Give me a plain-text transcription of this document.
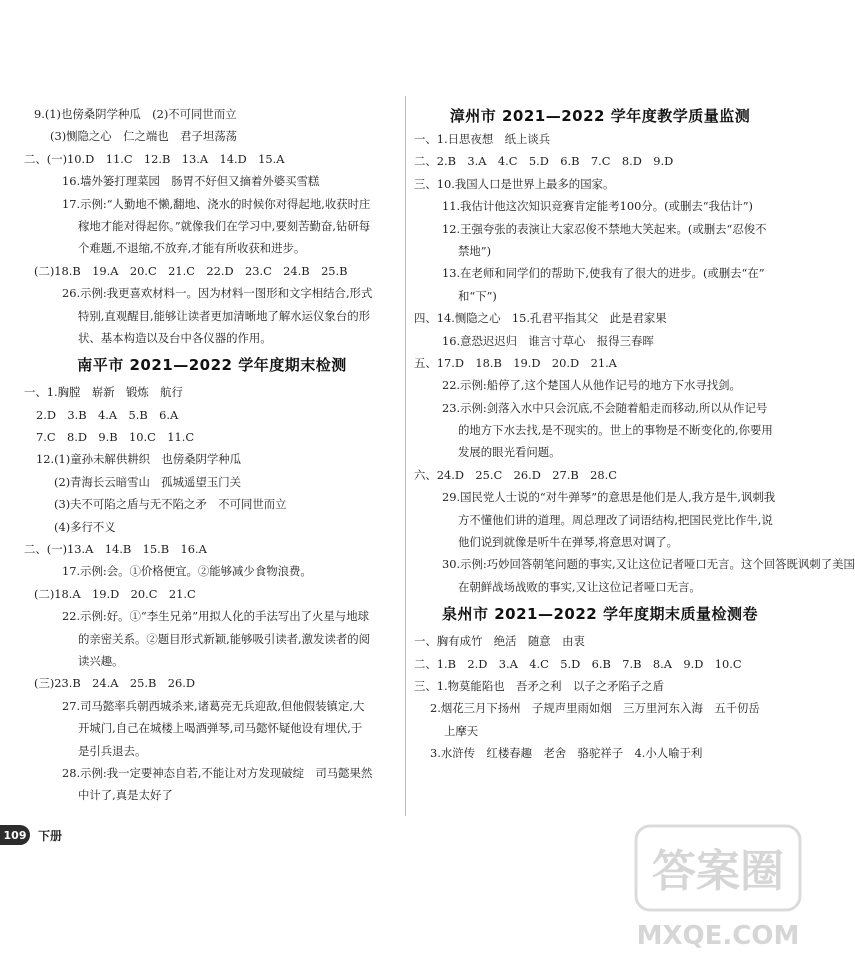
9.(1)也傍桑阴学种瓜　(2)不可同世而立
(3)恻隐之心　仁之端也　君子坦荡荡
二、(一)10.D　11.C　12.B　13.A　14.D　15.A
16.墙外篓打理菜园　肠胃不好但又摘着外婆买雪糕
17.示例:“人勤地不懒,翻地、浇水的时候你对得起地,收获时庄
稼地才能对得起你。”就像我们在学习中,要刻苦勤奋,钻研每
个难题,不退缩,不放弃,才能有所收获和进步。
(二)18.B　19.A　20.C　21.C　22.D　23.C　24.B　25.B
26.示例:我更喜欢材料一。因为材料一图形和文字相结合,形式
特别,直观醒目,能够让读者更加清晰地了解水运仪象台的形
状、基本构造以及台中各仪器的作用。
南平市 2021—2022 学年度期末检测
一、1.胸膛　崭新　锻炼　航行
2.D　3.B　4.A　5.B　6.A
7.C　8.D　9.B　10.C　11.C
12.(1)童孙未解供耕织　也傍桑阴学种瓜
(2)青海长云暗雪山　孤城遥望玉门关
(3)夫不可陷之盾与无不陷之矛　不可同世而立
(4)多行不义
二、(一)13.A　14.B　15.B　16.A
17.示例:会。①价格便宜。②能够减少食物浪费。
(二)18.A　19.D　20.C　21.C
22.示例:好。①“李生兄弟”用拟人化的手法写出了火星与地球
的亲密关系。②题目形式新颖,能够吸引读者,激发读者的阅
读兴趣。
(三)23.B　24.A　25.B　26.D
27.司马懿率兵朝西城杀来,诸葛亮无兵迎敌,但他假装镇定,大
开城门,自己在城楼上喝酒弹琴,司马懿怀疑他设有埋伏,于
是引兵退去。
28.示例:我一定要神态自若,不能让对方发现破绽　司马懿果然
中计了,真是太好了
漳州市 2021—2022 学年度教学质量监测
一、1.日思夜想　纸上谈兵
二、2.B　3.A　4.C　5.D　6.B　7.C　8.D　9.D
三、10.我国人口是世界上最多的国家。
11.我估计他这次知识竞赛肯定能考100分。(或删去“我估计”)
12.王强夸张的表演让大家忍俊不禁地大笑起来。(或删去“忍俊不
禁地”)
13.在老师和同学们的帮助下,使我有了很大的进步。(或删去“在”
和“下”)
四、14.恻隐之心　15.孔君平指其父　此是君家果
16.意恐迟迟归　谁言寸草心　报得三春晖
五、17.D　18.B　19.D　20.D　21.A
22.示例:船停了,这个楚国人从他作记号的地方下水寻找剑。
23.示例:剑落入水中只会沉底,不会随着船走而移动,所以从作记号
的地方下水去找,是不现实的。世上的事物是不断变化的,你要用
发展的眼光看问题。
六、24.D　25.C　26.D　27.B　28.C
29.国民党人士说的“对牛弹琴”的意思是他们是人,我方是牛,讽刺我
方不懂他们讲的道理。周总理改了词语结构,把国民党比作牛,说
他们说到就像是听牛在弹琴,将意思对调了。
30.示例:巧妙回答朝笔问题的事实,又让这位记者哑口无言。这个回答既讽刺了美国
在朝鲜战场战败的事实,又让这位记者哑口无言。
泉州市 2021—2022 学年度期末质量检测卷
一、胸有成竹　绝活　随意　由衷
二、1.B　2.D　3.A　4.C　5.D　6.B　7.B　8.A　9.D　10.C
三、1.物莫能陷也　吾矛之利　以子之矛陷子之盾
2.烟花三月下扬州　子规声里雨如烟　三万里河东入海　五千仞岳
上摩天
3.水浒传　红楼春趣　老舍　骆驼祥子　4.小人喻于利
109 下册
答案圈
MXQE.COM
